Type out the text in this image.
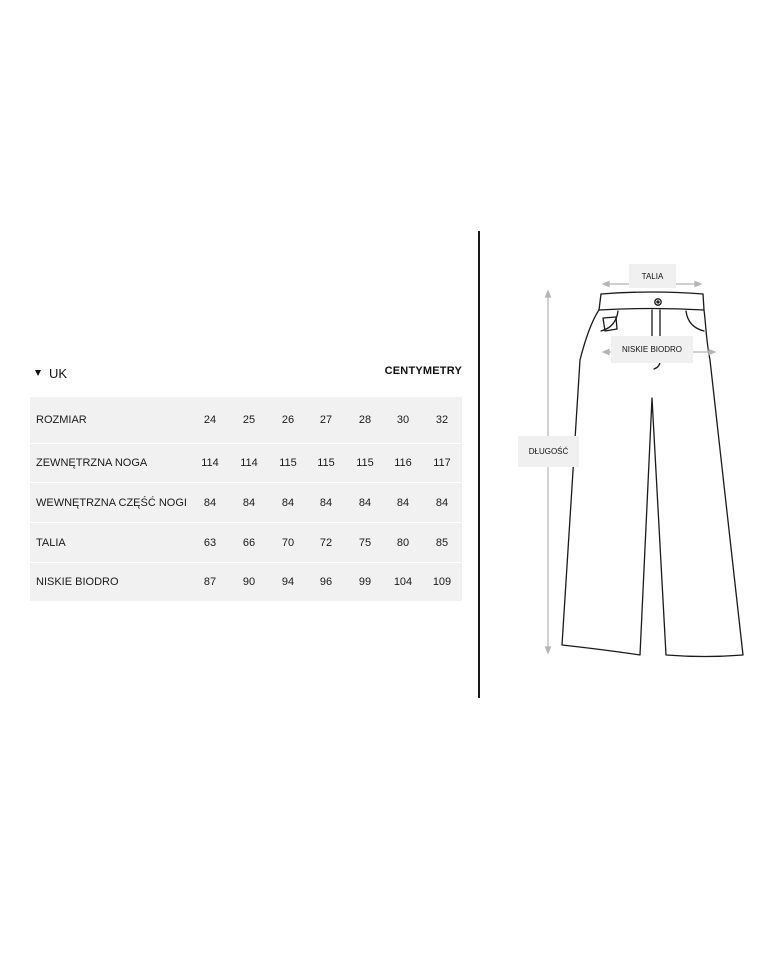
UK	CENTYMETRY
ROZMIAR	24	25	26	27	28	30	32
ZEWNĘTRZNA NOGA	114	114	115	115	115	116	117
WEWNĘTRZNA CZĘŚĆ NOGI	84	84	84	84	84	84	84
TALIA	63	66	70	72	75	80	85
NISKIE BIODRO	87	90	94	96	99	104	109
TALIA
NISKIE BIODRO
DŁUGOŚĆ
